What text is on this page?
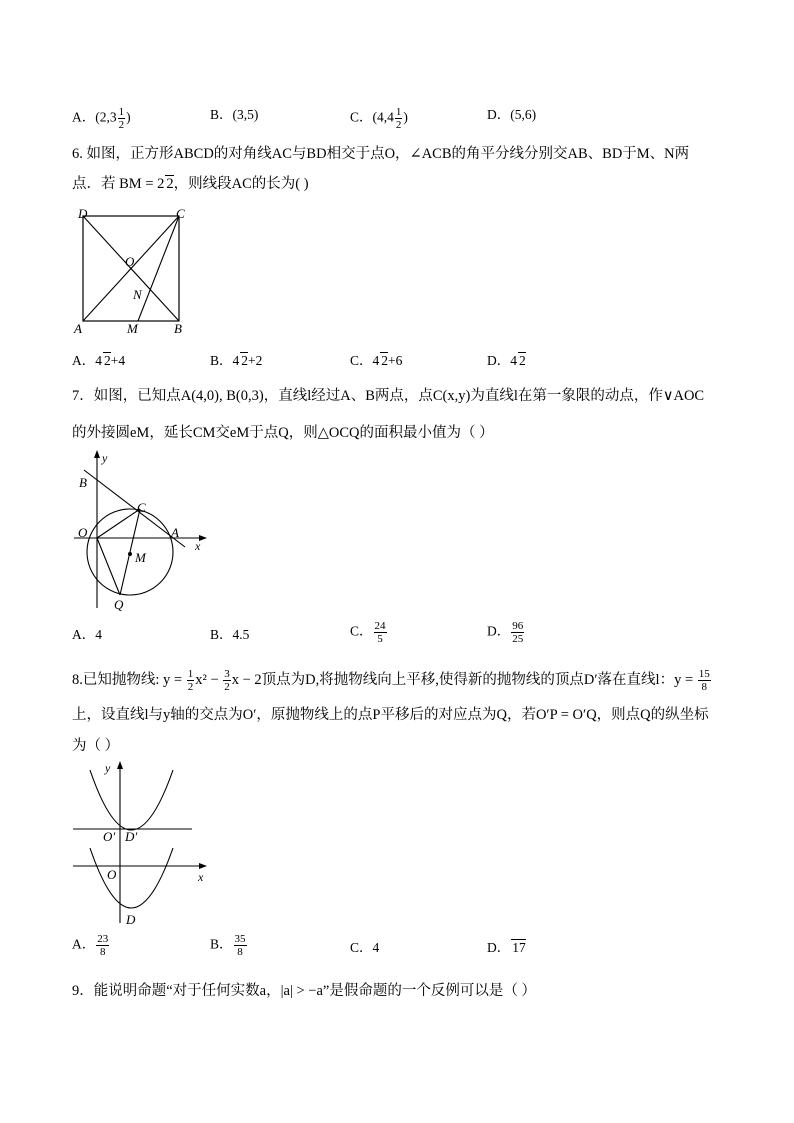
A．($2,3 \frac{1}{2}$ )	B．(3,5)	C．($4,4 \frac{1}{2}$ )	D．(5,6)
6. 如图，正方形ABCD的对角线AC与BD相交于点O，∠ACB的角平分线分别交AB、BD于M、N两
点．若 BM = 2 2，则线段AC的长为( )
D	C
O
N
A	M	B
A．4 2+4	B．4 2+2	C．4 2+6	D．4 2
7．如图，已知点A(4,0), B(0,3)，直线l经过A、B两点，点C(x,y)为直线l在第一象限的动点，作∨AOC
的外接圆eM，延长CM交eM于点Q，则△OCQ的面积最小值为（ ）
y
B
C
O	A
x
M
Q
A．4	B．4.5	C． $\frac{24}{5}$	D． $\frac{96}{25}$
8.已知抛物线: $y = \frac{1}{2} x^2 - \frac{3}{2}$ x − 2顶点为D,将抛物线向上平移,使得新的抛物线的顶点D′落在直线l：$y = \frac{15}{8}$
上，设直线l与y轴的交点为O′，原抛物线上的点P平移后的对应点为Q，若O′P = O′Q，则点Q的纵坐标
为（ ）
y
O′ D′
O	x
D
A． $\frac{23}{8}$	B． $\frac{35}{8}$	C．4	D． 17
9．能说明命题“对于任何实数a，|a| > −a”是假命题的一个反例可以是（ ）
